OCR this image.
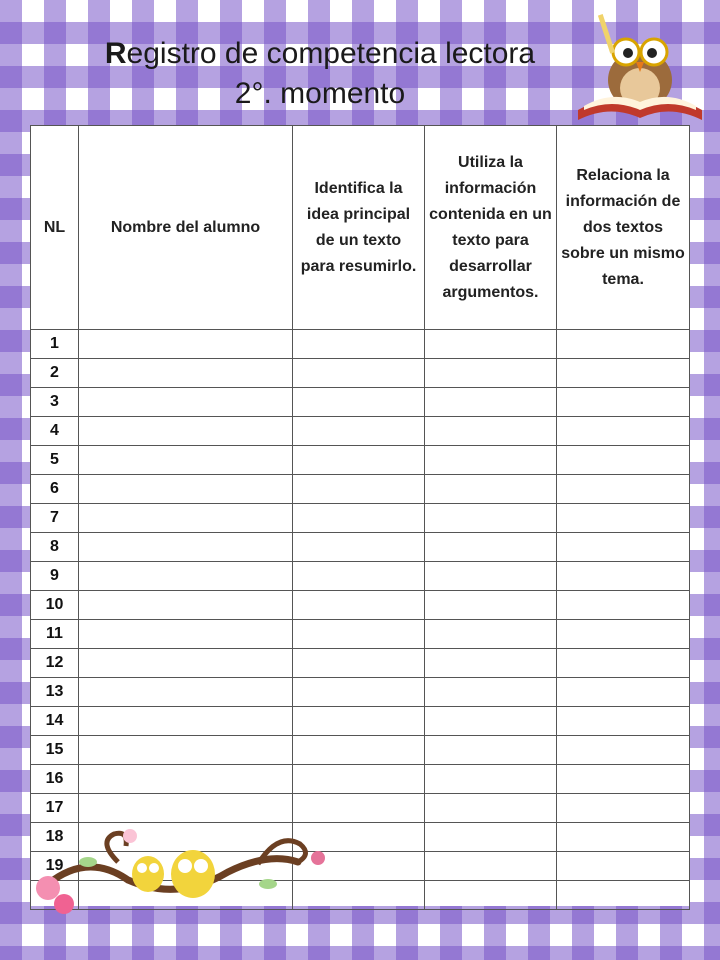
Registro de competencia lectora
2°. momento
NL	Nombre del alumno	Identifica la idea principal de un texto para resumirlo.	Utiliza la información contenida en un texto para desarrollar argumentos.	Relaciona la información de dos textos sobre un mismo tema.
1				
2				
3				
4				
5				
6				
7				
8				
9				
10				
11				
12				
13				
14				
15				
16				
17				
18				
19				
